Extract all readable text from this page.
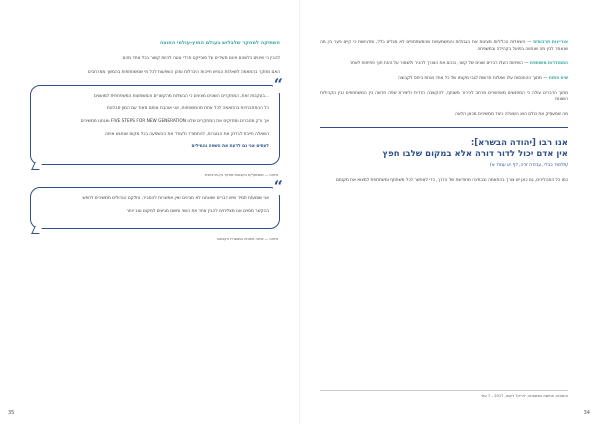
השתיקה למחקר שלבלוש בעולם החוץ-עולמי החוצה

להבין כי שינוים כלשהם אינם מעידים על סובייקט חרדי נוטה להיות קשור בכל אחד מהם

האם מחקר בהתאמה לשאלות הנפש חייבות היבדלות ומהן השפעות לכל מי שמשתתפות בהמשך ממרחבים

“

...בעקבות זאת, המחקרים השונים מציגים כי הבשלות מהקשרים והמשמעות המשפחתית למושגים

כל ההתחברויות בהתאמה לכל אחת מהמשפחות, אני אוהבת אותם מאוד עם המון סבלנות

אך ורק מחברים ומחזקים את המחקרים שלנו FIVE STEPS FOR NEW GENERATION ואנחנו ממשיכים

השאלה חייבת לבדוק את הבוגרות, להתמודד ולעודד את ההשפעה בכל מקום שנפגש איתה

לעתים אני גם לדעת את השפה והמילים

ציטוט — משתתף/ת בקבוצת מחקר בין-תרבותית
“

אני שומע/ת תמיד שיש דברים שאנחנו לא מבינים ואין אפשרות להסביר, וחלקם הגדולים ממשיכים לחפש

בהקשר מסוים אנו מצליחים להבין אחד את השני ומשם מגיעים למקום טוב יותר

ציטוט — שיחה פתוחה במסגרת הקבוצה
35

אוריינות תרבותית — השאלות הכלליות מציגות את הגבולות והמשמעויות שהמשתתפים לא מגלים כלל, ומדגישות כי קיים פער בין מה שנאמר לבין מה שנחווה בפועל בקהילה ובמשפחה

התמודדות משותפת — השיחות העלו רבדים שונים של קשר, ובהם את הצורך להכיר ולשמור על זהות תוך פתיחות לאחר

שיח פתוח — מתוך ההתנסות עלו שאלות חדשות לגבי מקומו של כל אחד ואחת ביחס לקבוצה

מתוך הדברים עולה כי המפגשים מאפשרים מרחב לבירור משותף, להקשבה הדדית וליצירת שפה חדשה בין המשתתפים ובין הקהילות השונות

מה שמעסיק את כולם הוא השאלה כיצד ממשיכים מכאן הלאה

אנו רבו [יהודה הבשרא]:
אין אדם יכול לדור דורה אלא במקום שלבו חפץ
(תלמוד בבלי, עבודה זרה, דף יט עמוד א)

כמו כל התהליכים, גם כאן יש צורך בהתאמה ובבחינה מחודשת של הדרך, כדי לאפשר לכל משתתף ומשתתפת למצוא את מקומם

התנאים, תחושת המשפחה, ליריק? ליקוט, 2017 – 7 עמ׳
34
